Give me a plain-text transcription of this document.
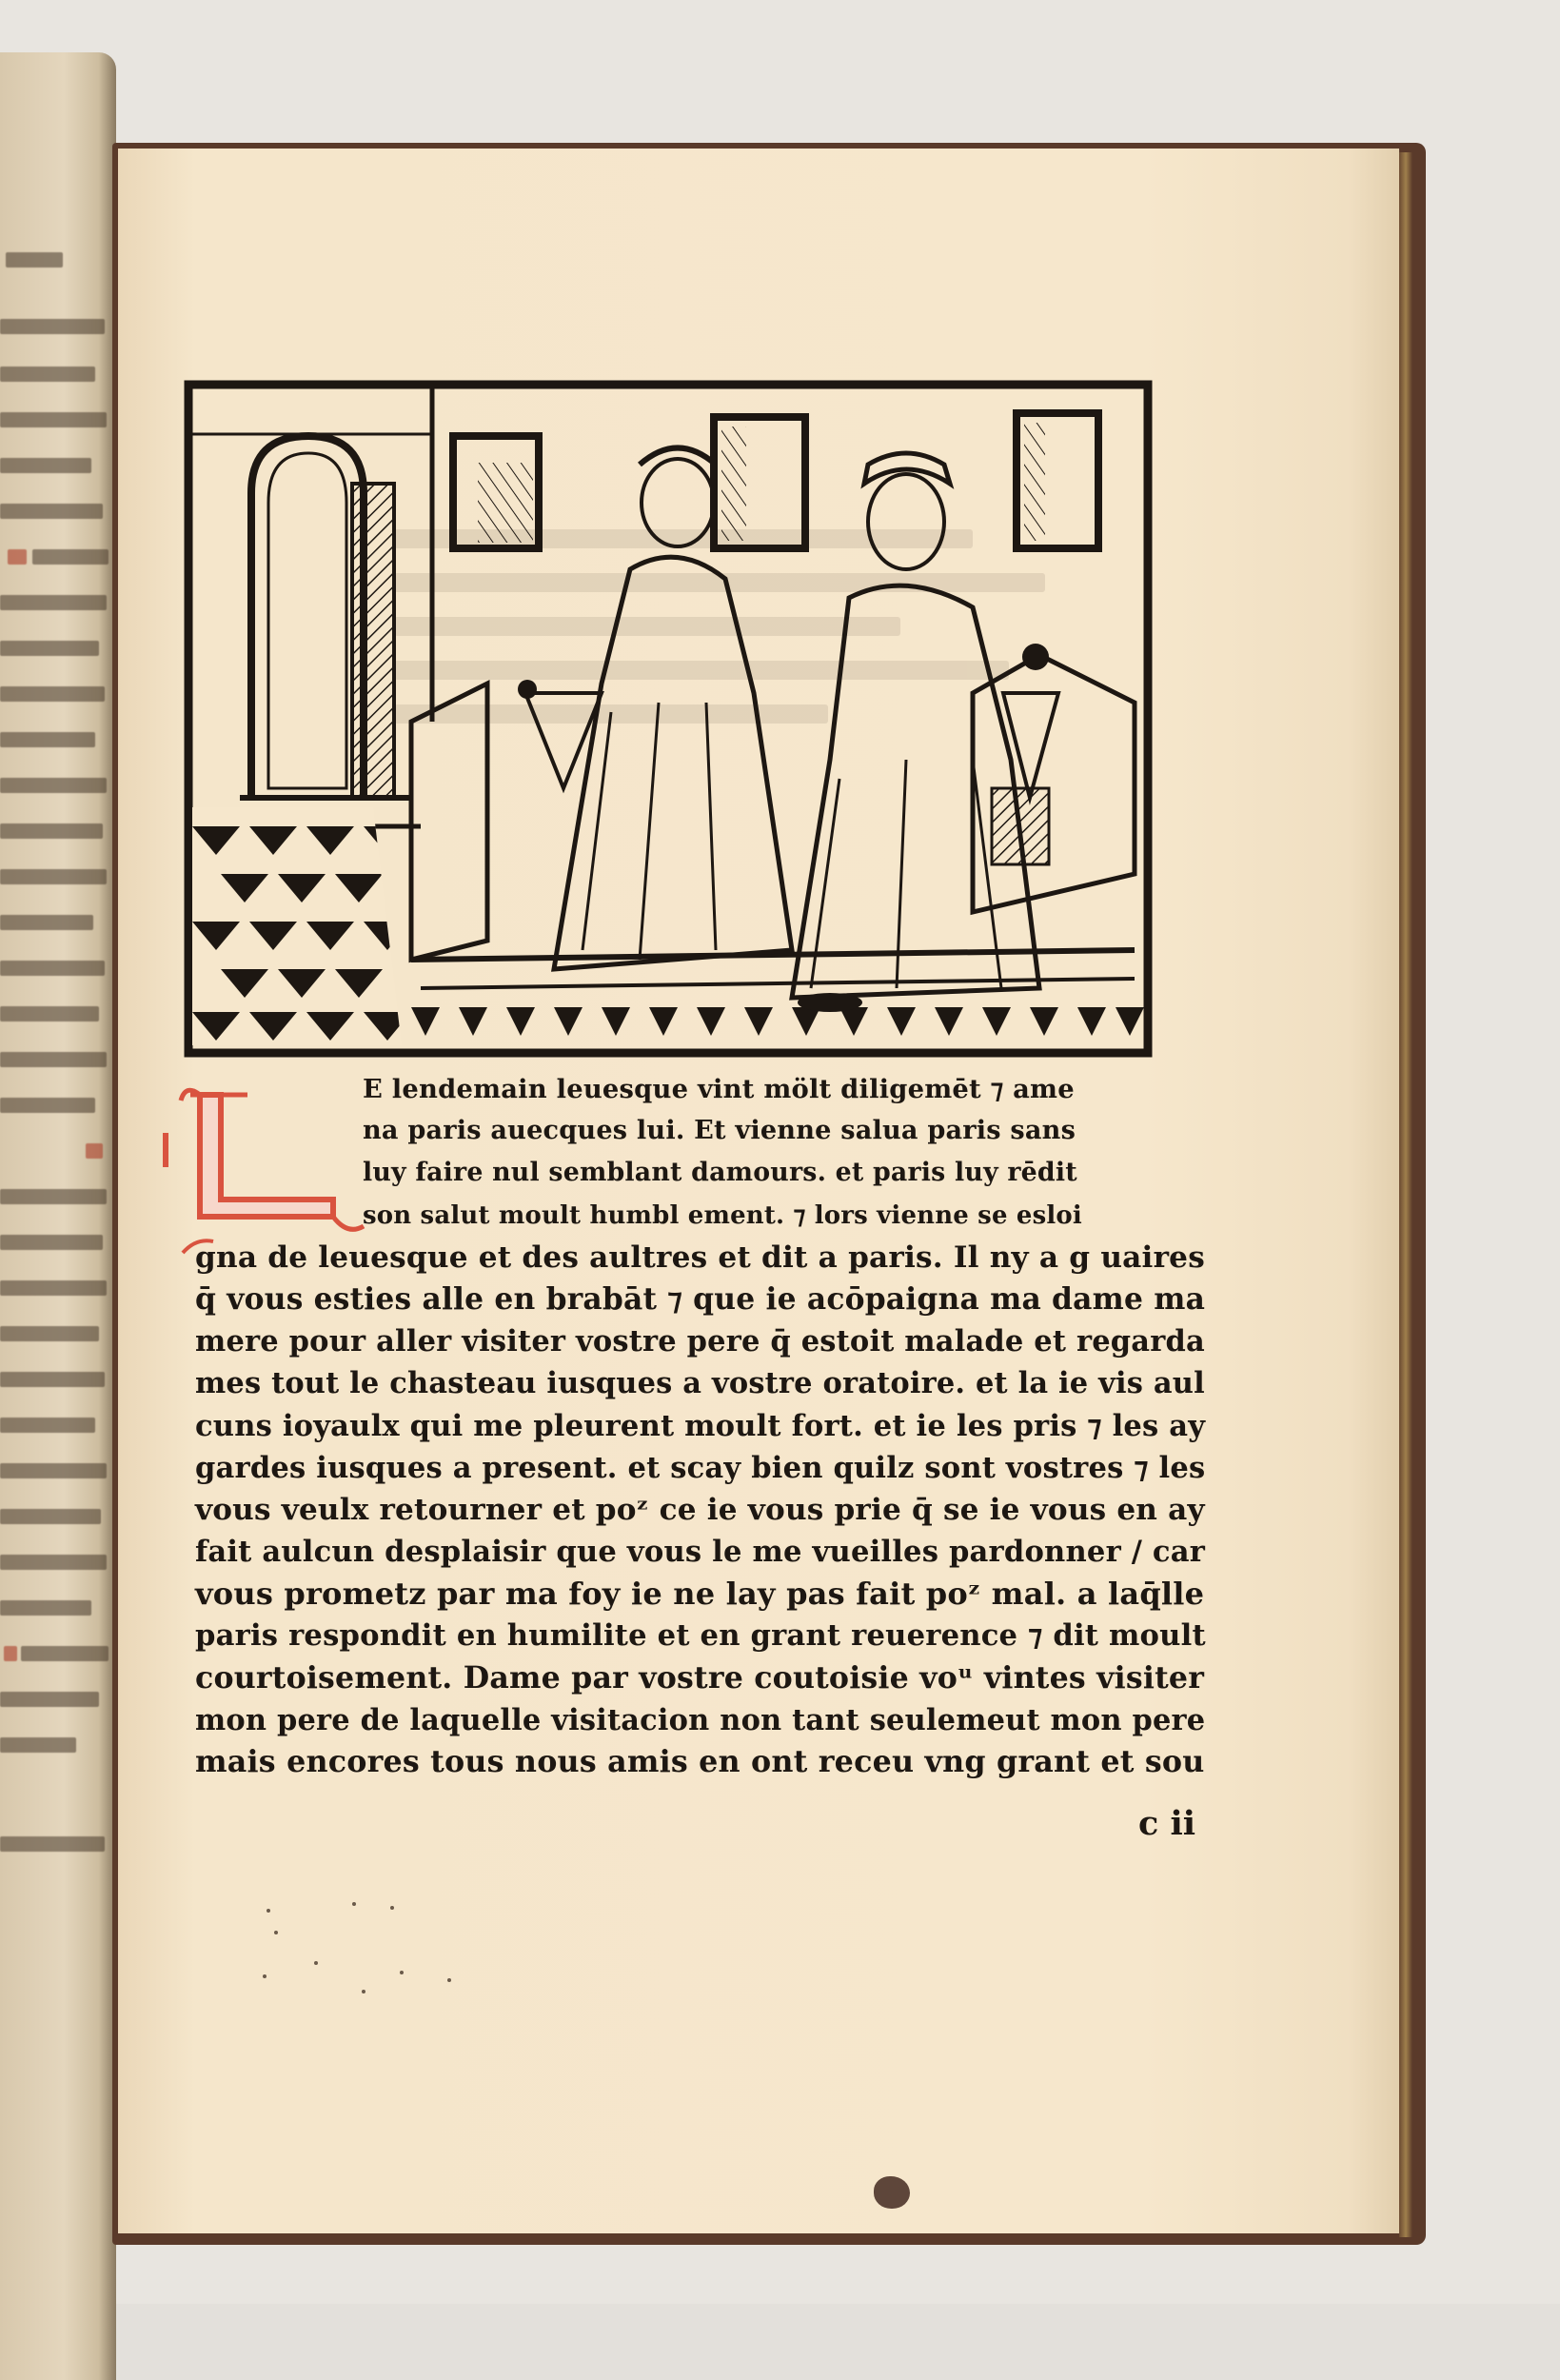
E lendemain leuesque vint mölt diligemēt ⁊ ame
na paris auecques lui. Et vienne salua paris sans
luy faire nul semblant damours. et paris luy rēdit
son salut moult humbl ement. ⁊ lors vienne se esloi
gna de leuesque et des aultres et dit a paris. Il ny a g uaires
q̄ vous esties alle en brabāt ⁊ que ie acōpaigna ma dame ma
mere pour aller visiter vostre pere q̄ estoit malade et regarda
mes tout le chasteau iusques a vostre oratoire. et la ie vis aul
cuns ioyaulx qui me pleurent moult fort. et ie les pris ⁊ les ay
gardes iusques a present. et scay bien quilz sont vostres ⁊ les
vous veulx retourner et poᶻ ce ie vous prie q̄ se ie vous en ay
fait aulcun desplaisir que vous le me vueilles pardonner / car
vous prometz par ma foy ie ne lay pas fait poᶻ mal. a laq̄lle
paris respondit en humilite et en grant reuerence ⁊ dit moult
courtoisement. Dame par vostre coutoisie voᵘ vintes visiter
mon pere de laquelle visitacion non tant seulemeut mon pere
mais encores tous nous amis en ont receu vng grant et sou
c ii
